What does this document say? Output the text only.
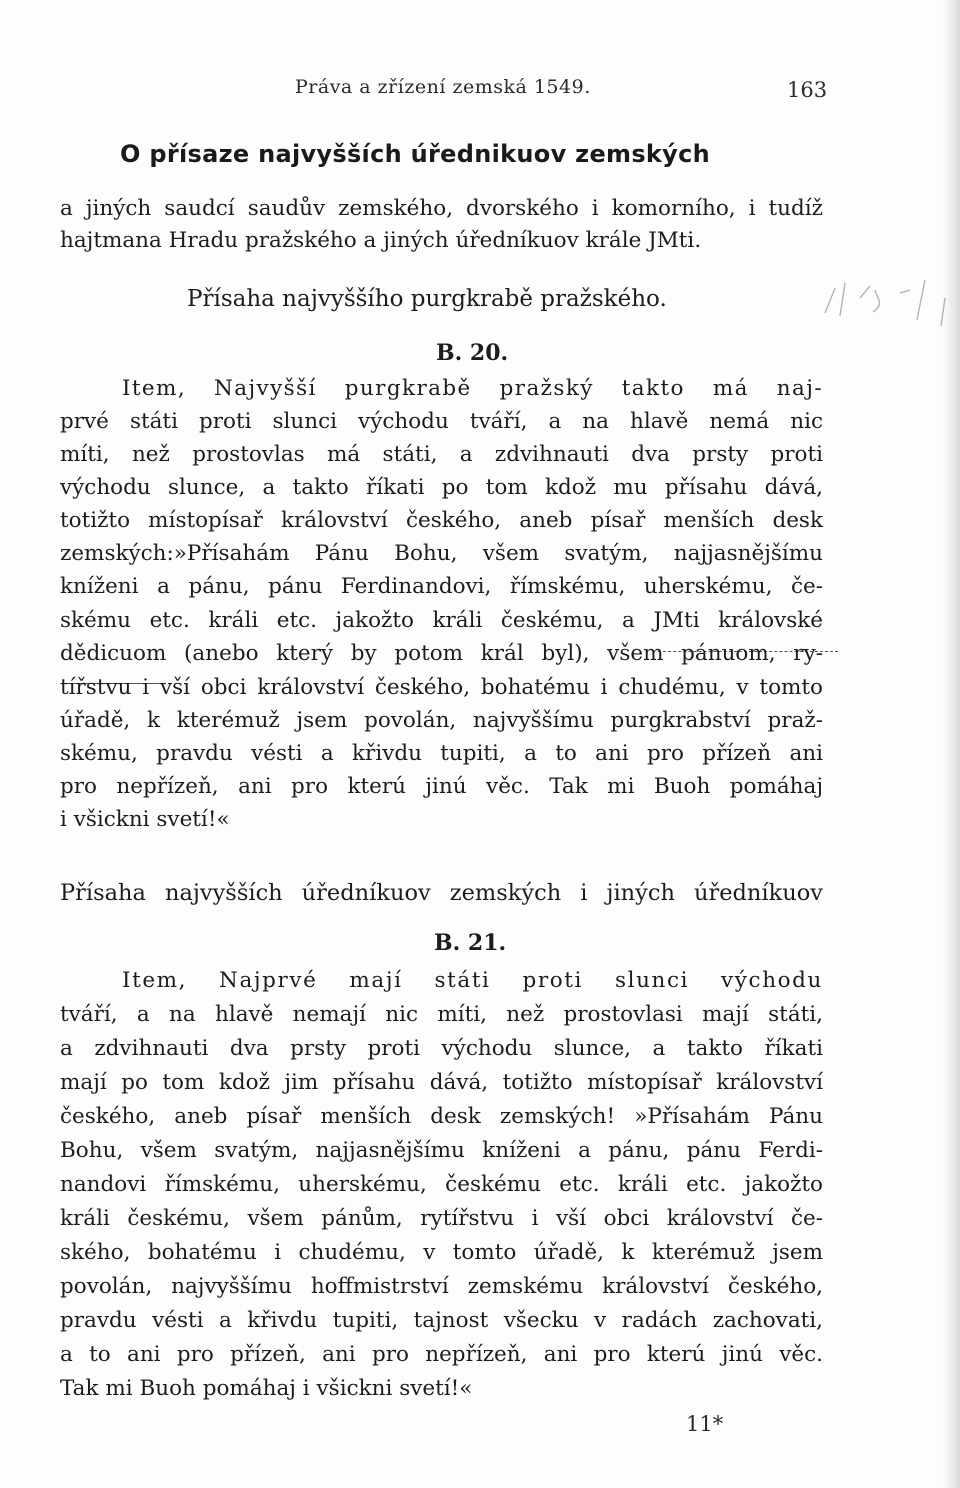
Práva a zřízení zemská 1549.	163
O přísaze najvyšších úřednikuov zemských
a jiných saudcí saudův zemského, dvorského i komorního, i tudíž
hajtmana Hradu pražského a jiných úředníkuov krále JMti.
Přísaha najvyššího purgkrabě pražského.
B. 20.
Item, Najvyšší purgkrabě pražský takto má naj-
prvé státi proti slunci východu tváří, a na hlavě nemá nic
míti, než prostovlas má státi, a zdvihnauti dva prsty proti
východu slunce, a takto říkati po tom kdož mu přísahu dává,
totižto místopísař království českého, aneb písař menších desk
zemských:»Přísahám Pánu Bohu, všem svatým, najjasnějšímu
kníženi a pánu, pánu Ferdinandovi, římskému, uherskému, če-
skému etc. králi etc. jakožto králi českému, a JMti královské
dědicuom (anebo který by potom král byl), všem pánuom, ry-
tířstvu i vší obci království českého, bohatému i chudému, v tomto
úřadě, k kterémuž jsem povolán, najvyššímu purgkrabství praž-
skému, pravdu vésti a křivdu tupiti, a to ani pro přízeň ani
pro nepřízeň, ani pro kterú jinú věc. Tak mi Buoh pomáhaj
i všickni svetí!«
Přísaha najvyšších úředníkuov zemských i jiných úředníkuov
B. 21.
Item, Najprvé mají státi proti slunci východu
tváří, a na hlavě nemají nic míti, než prostovlasi mají státi,
a zdvihnauti dva prsty proti východu slunce, a takto říkati
mají po tom kdož jim přísahu dává, totižto místopísař království
českého, aneb písař menších desk zemských! »Přísahám Pánu
Bohu, všem svatým, najjasnějšímu kníženi a pánu, pánu Ferdi-
nandovi římskému, uherskému, českému etc. králi etc. jakožto
králi českému, všem pánům, rytířstvu i vší obci království če-
ského, bohatému i chudému, v tomto úřadě, k kterémuž jsem
povolán, najvyššímu hoffmistrství zemskému království českého,
pravdu vésti a křivdu tupiti, tajnost všecku v radách zachovati,
a to ani pro přízeň, ani pro nepřízeň, ani pro kterú jinú věc.
Tak mi Buoh pomáhaj i všickni svetí!«
11*
